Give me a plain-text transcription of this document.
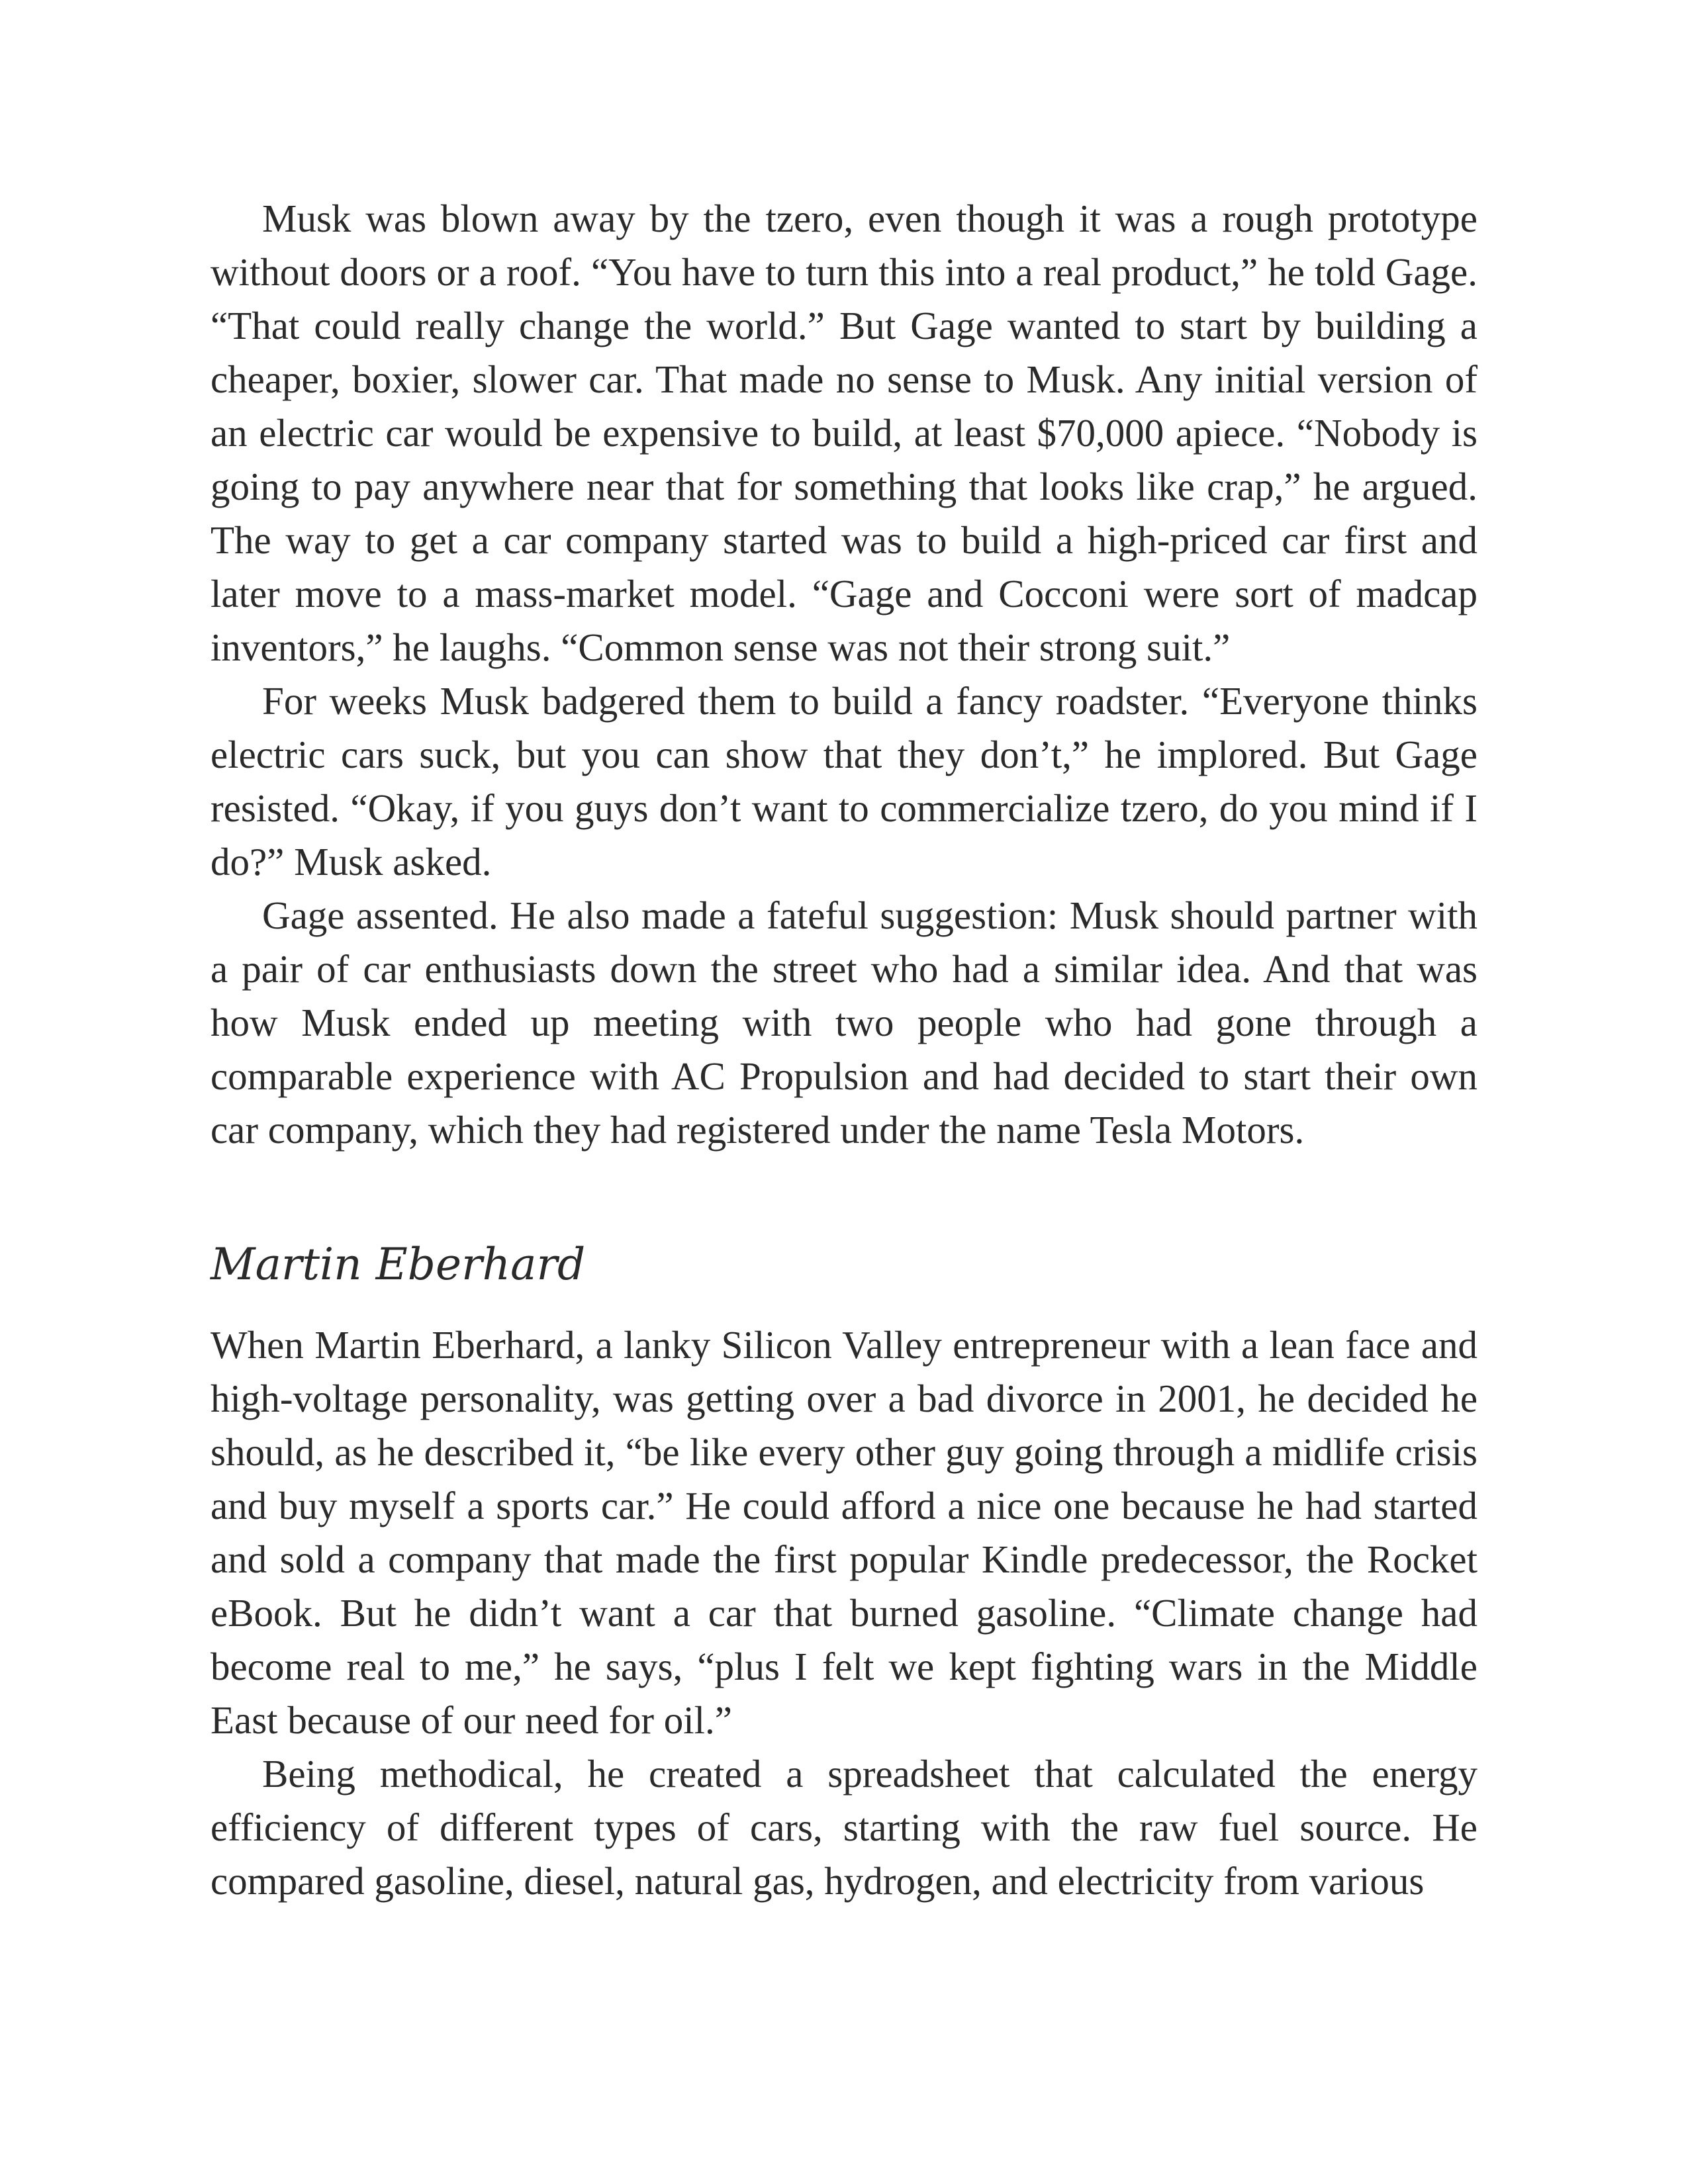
Musk was blown away by the tzero, even though it was a rough prototype without doors or a roof. “You have to turn this into a real product,” he told Gage. “That could really change the world.” But Gage wanted to start by building a cheaper, boxier, slower car. That made no sense to Musk. Any initial version of an electric car would be expensive to build, at least $70,000 apiece. “Nobody is going to pay anywhere near that for something that looks like crap,” he argued. The way to get a car company started was to build a high-priced car first and later move to a mass-market model. “Gage and Cocconi were sort of madcap inventors,” he laughs. “Common sense was not their strong suit.”

For weeks Musk badgered them to build a fancy roadster. “Everyone thinks electric cars suck, but you can show that they don’t,” he implored. But Gage resisted. “Okay, if you guys don’t want to commercialize tzero, do you mind if I do?” Musk asked.

Gage assented. He also made a fateful suggestion: Musk should partner with a pair of car enthusiasts down the street who had a similar idea. And that was how Musk ended up meeting with two people who had gone through a comparable experience with AC Propulsion and had decided to start their own car company, which they had registered under the name Tesla Motors.

Martin Eberhard

When Martin Eberhard, a lanky Silicon Valley entrepreneur with a lean face and high-voltage personality, was getting over a bad divorce in 2001, he decided he should, as he described it, “be like every other guy going through a midlife crisis and buy myself a sports car.” He could afford a nice one because he had started and sold a company that made the first popular Kindle predecessor, the Rocket eBook. But he didn’t want a car that burned gasoline. “Climate change had become real to me,” he says, “plus I felt we kept fighting wars in the Middle East because of our need for oil.”

Being methodical, he created a spreadsheet that calculated the energy efficiency of different types of cars, starting with the raw fuel source. He compared gasoline, diesel, natural gas, hydrogen, and electricity from various
